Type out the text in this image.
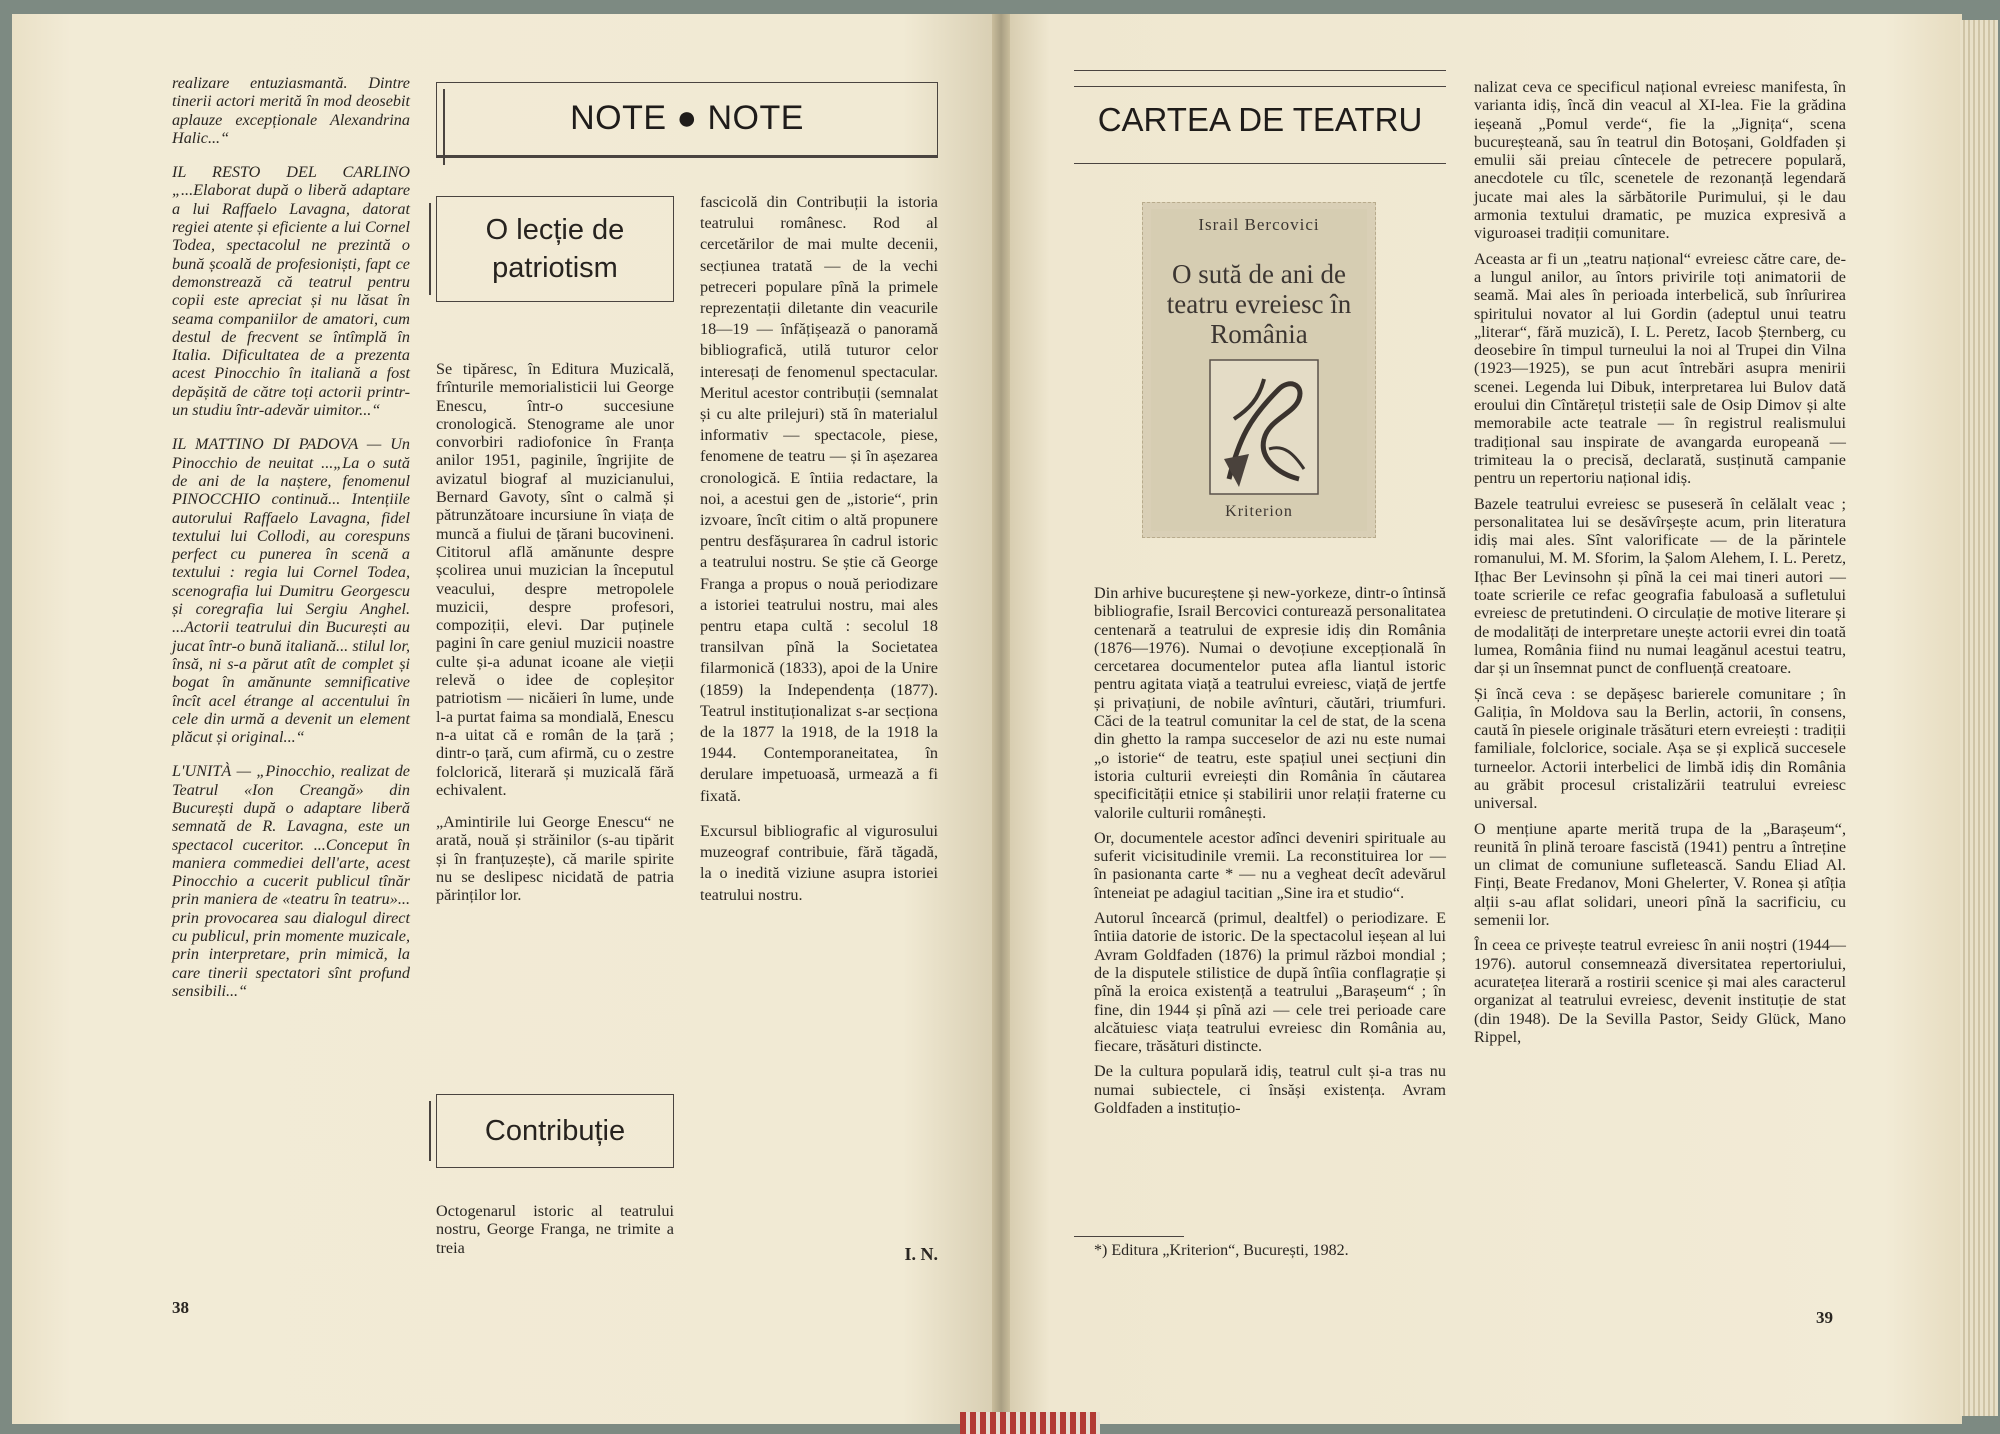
realizare entuziasmantă. Dintre tinerii actori merită în mod deosebit aplauze excepționale Alexandrina Halic...“

IL RESTO DEL CARLINO „...Elaborat după o liberă adaptare a lui Raffaelo Lavagna, datorat regiei atente și eficiente a lui Cornel Todea, spectacolul ne prezintă o bună școală de profesioniști, fapt ce demonstrează că teatrul pentru copii este apreciat și nu lăsat în seama companiilor de amatori, cum destul de frecvent se întîmplă în Italia. Dificultatea de a prezenta acest Pinocchio în italiană a fost depășită de către toți actorii printr-un studiu într-adevăr uimitor...“

IL MATTINO DI PADOVA — Un Pinocchio de neuitat ...„La o sută de ani de la naștere, fenomenul PINOCCHIO continuă... Intențiile autorului Raffaelo Lavagna, fidel textului lui Collodi, au corespuns perfect cu punerea în scenă a textului : regia lui Cornel Todea, scenografia lui Dumitru Georgescu și coregrafia lui Sergiu Anghel. ...Actorii teatrului din București au jucat într-o bună italiană... stilul lor, însă, ni s-a părut atît de complet și bogat în amănunte semnificative încît acel étrange al accentului în cele din urmă a devenit un element plăcut și original...“

L'UNITÀ — „Pinocchio, realizat de Teatrul «Ion Creangă» din București după o adaptare liberă semnată de R. Lavagna, este un spectacol cuceritor. ...Conceput în maniera commediei dell'arte, acest Pinocchio a cucerit publicul tînăr prin maniera de «teatru în teatru»... prin provocarea sau dialogul direct cu publicul, prin momente muzicale, prin interpretare, prin mimică, la care tinerii spectatori sînt profund sensibili...“

NOTE ● NOTE
O lecție de patriotism

Se tipăresc, în Editura Muzicală, frînturile memorialisticii lui George Enescu, într-o succesiune cronologică. Stenograme ale unor convorbiri radiofonice în Franța anilor 1951, paginile, îngrijite de avizatul biograf al muzicianului, Bernard Gavoty, sînt o calmă și pătrunzătoare incursiune în viața de muncă a fiului de țărani bucovineni. Cititorul află amănunte despre școlirea unui muzician la începutul veacului, despre metropolele muzicii, despre profesori, compoziții, elevi. Dar puținele pagini în care geniul muzicii noastre culte și-a adunat icoane ale vieții relevă o idee de copleșitor patriotism — nicăieri în lume, unde l-a purtat faima sa mondială, Enescu n-a uitat că e român de la țară ; dintr-o țară, cum afirmă, cu o zestre folclorică, literară și muzicală fără echivalent.

„Amintirile lui George Enescu“ ne arată, nouă și străinilor (s-au tipărit și în franțuzește), că marile spirite nu se deslipesc nicidată de patria părinților lor.

Contribuție

Octogenarul istoric al teatrului nostru, George Franga, ne trimite a treia

fascicolă din Contribuții la istoria teatrului românesc. Rod al cercetărilor de mai multe decenii, secțiunea tratată — de la vechi petreceri populare pînă la primele reprezentații diletante din veacurile 18—19 — înfățișează o panoramă bibliografică, utilă tuturor celor interesați de fenomenul spectacular. Meritul acestor contribuții (semnalat și cu alte prilejuri) stă în materialul informativ — spectacole, piese, fenomene de teatru — și în așezarea cronologică. E întiia redactare, la noi, a acestui gen de „istorie“, prin izvoare, încît citim o altă propunere pentru desfășurarea în cadrul istoric a teatrului nostru. Se știe că George Franga a propus o nouă periodizare a istoriei teatrului nostru, mai ales pentru etapa cultă : secolul 18 transilvan pînă la Societatea filarmonică (1833), apoi de la Unire (1859) la Independența (1877). Teatrul instituționalizat s-ar secționa de la 1877 la 1918, de la 1918 la 1944. Contemporaneitatea, în derulare impetuoasă, urmează a fi fixată.

Excursul bibliografic al vigurosului muzeograf contribuie, fără tăgadă, la o inedită viziune asupra istoriei teatrului nostru.

I. N.
38
CARTEA DE TEATRU
Israil Bercovici
O sută de ani de teatru evreiesc în România
Kriterion

Din arhive bucureștene și new-yorkeze, dintr-o întinsă bibliografie, Israil Bercovici conturează personalitatea centenară a teatrului de expresie idiș din România (1876—1976). Numai o devoțiune excepțională în cercetarea documentelor putea afla liantul istoric pentru agitata viață a teatrului evreiesc, viață de jertfe și privațiuni, de nobile avînturi, căutări, triumfuri. Căci de la teatrul comunitar la cel de stat, de la scena din ghetto la rampa succeselor de azi nu este numai „o istorie“ de teatru, este spațiul unei secțiuni din istoria culturii evreiești din România în căutarea specificității etnice și stabilirii unor relații fraterne cu valorile culturii românești.

Or, documentele acestor adînci deveniri spirituale au suferit vicisitudinile vremii. La reconstituirea lor — în pasionanta carte * — nu a vegheat decît adevărul înteneiat pe adagiul tacitian „Sine ira et studio“.

Autorul încearcă (primul, dealtfel) o periodizare. E întiia datorie de istoric. De la spectacolul ieșean al lui Avram Goldfaden (1876) la primul război mondial ; de la disputele stilistice de după întîia conflagrație și pînă la eroica existență a teatrului „Barașeum“ ; în fine, din 1944 și pînă azi — cele trei perioade care alcătuiesc viața teatrului evreiesc din România au, fiecare, trăsături distincte.

De la cultura populară idiș, teatrul cult și-a tras nu numai subiectele, ci însăși existența. Avram Goldfaden a instituțio-

*) Editura „Kriterion“, București, 1982.

nalizat ceva ce specificul național evreiesc manifesta, în varianta idiș, încă din veacul al XI-lea. Fie la grădina ieșeană „Pomul verde“, fie la „Jignița“, scena bucureșteană, sau în teatrul din Botoșani, Goldfaden și emulii săi preiau cîntecele de petrecere populară, anecdotele cu tîlc, scenetele de rezonanță legendară jucate mai ales la sărbătorile Purimului, și le dau armonia textului dramatic, pe muzica expresivă a viguroasei tradiții comunitare.

Aceasta ar fi un „teatru național“ evreiesc către care, de-a lungul anilor, au întors privirile toți animatorii de seamă. Mai ales în perioada interbelică, sub înrîurirea spiritului novator al lui Gordin (adeptul unui teatru „literar“, fără muzică), I. L. Peretz, Iacob Șternberg, cu deosebire în timpul turneului la noi al Trupei din Vilna (1923—1925), se pun acut întrebări asupra menirii scenei. Legenda lui Dibuk, interpretarea lui Bulov dată eroului din Cîntărețul tristeții sale de Osip Dimov și alte memorabile acte teatrale — în registrul realismului tradițional sau inspirate de avangarda europeană — trimiteau la o precisă, declarată, susținută campanie pentru un repertoriu național idiș.

Bazele teatrului evreiesc se puseseră în celălalt veac ; personalitatea lui se desăvîrșește acum, prin literatura idiș mai ales. Sînt valorificate — de la părintele romanului, M. M. Sforim, la Șalom Alehem, I. L. Peretz, Ițhac Ber Levinsohn și pînă la cei mai tineri autori — toate scrierile ce refac geografia fabuloasă a sufletului evreiesc de pretutindeni. O circulație de motive literare și de modalități de interpretare unește actorii evrei din toată lumea, România fiind nu numai leagănul acestui teatru, dar și un însemnat punct de confluență creatoare.

Și încă ceva : se depășesc barierele comunitare ; în Galiția, în Moldova sau la Berlin, actorii, în consens, caută în piesele originale trăsături etern evreiești : tradiții familiale, folclorice, sociale. Așa se și explică succesele turneelor. Actorii interbelici de limbă idiș din România au grăbit procesul cristalizării teatrului evreiesc universal.

O mențiune aparte merită trupa de la „Barașeum“, reunită în plină teroare fascistă (1941) pentru a întreține un climat de comuniune sufletească. Sandu Eliad Al. Finți, Beate Fredanov, Moni Ghelerter, V. Ronea și atîția alții s-au aflat solidari, uneori pînă la sacrificiu, cu semenii lor.

În ceea ce privește teatrul evreiesc în anii noștri (1944—1976). autorul consemnează diversitatea repertoriului, acuratețea literară a rostirii scenice și mai ales caracterul organizat al teatrului evreiesc, devenit instituție de stat (din 1948). De la Sevilla Pastor, Seidy Glück, Mano Rippel,

39
